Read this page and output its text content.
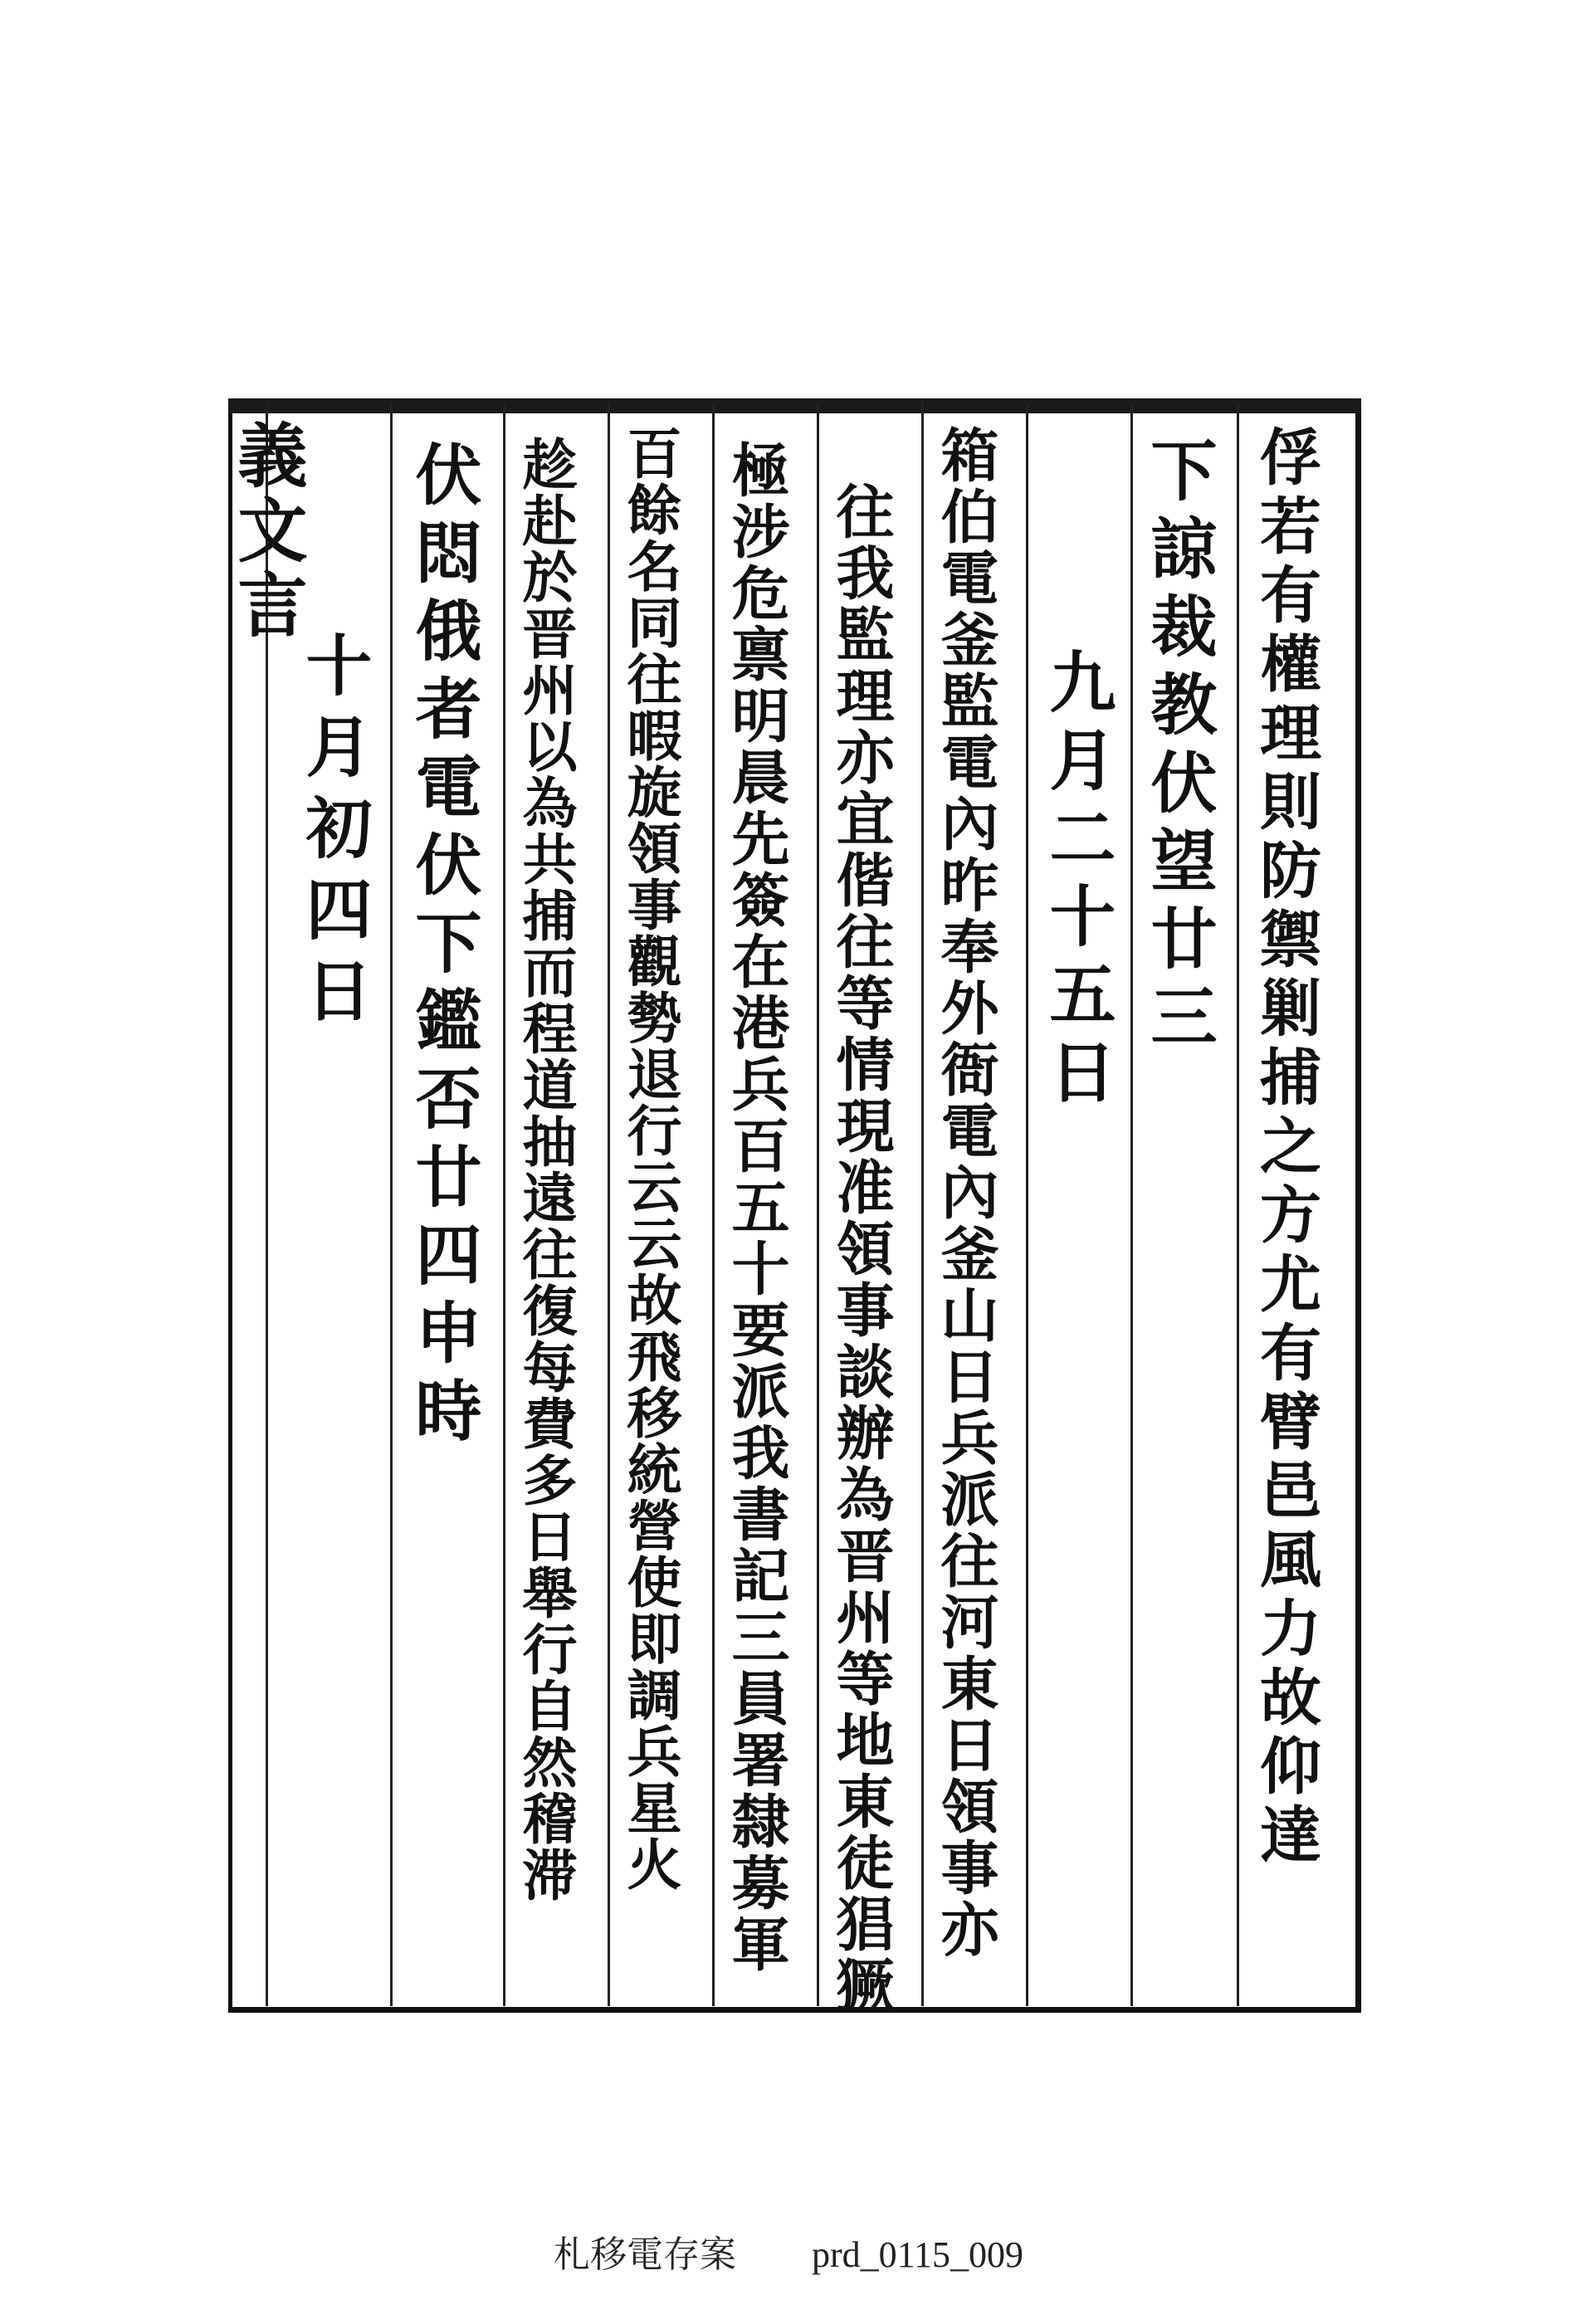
義文言	俘若有權理則防禦剿捕之方尤有臂邑風力故仰達
下諒裁教伏望廿三
九月二十五日
箱伯電釜監電內昨奉外衙電內釜山日兵派往河東日領事亦
往我監理亦宜偕往等情現准領事談辦為晋州等地東徒猖獗
極涉危禀明晨先簽在港兵百五十要派我書記三員署隸募軍
百餘名同往暇旋領事觀勢退行云云故飛移統營使即調兵星火
趁赴於晋州以為共捕而程道抽遠往復每費多日舉行自然稽滞
伏悶俄者電伏下鑑否廿四申時
十月初四日
札移電存案 prd_0115_009
